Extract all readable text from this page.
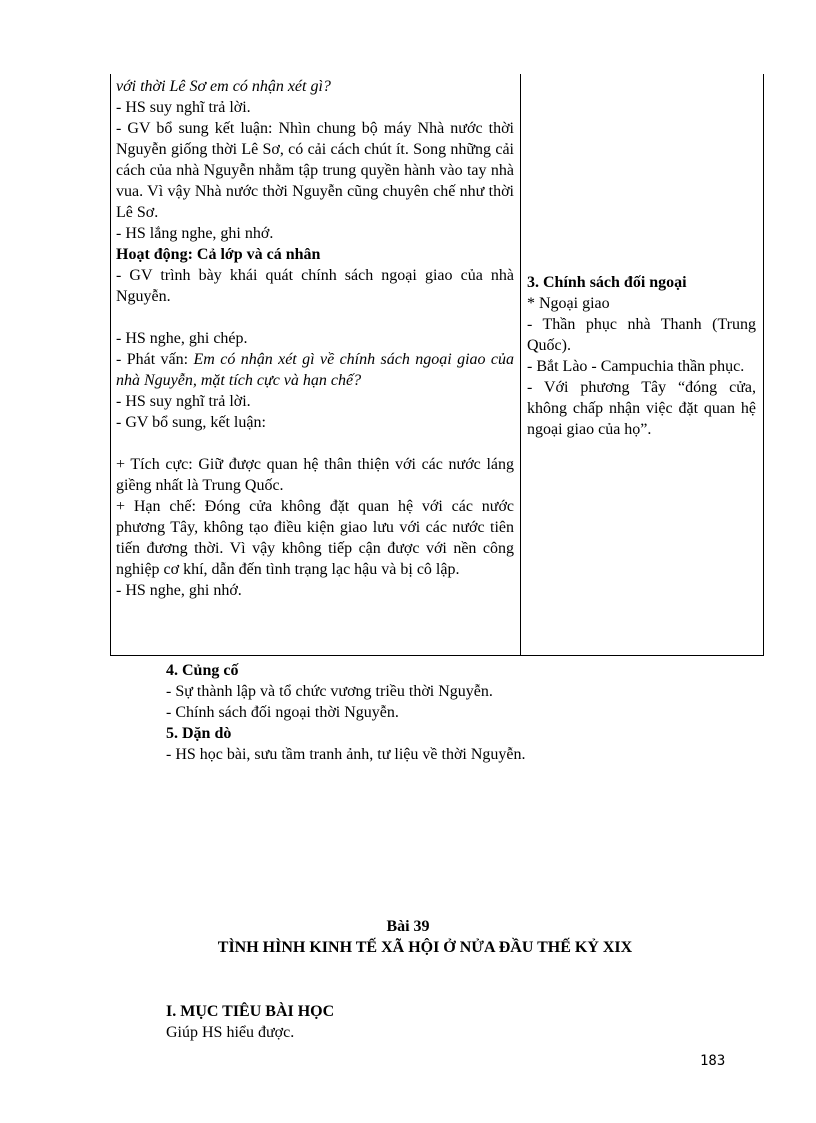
với thời Lê Sơ em có nhận xét gì?

- HS suy nghĩ trả lời.

- GV bổ sung kết luận: Nhìn chung bộ máy Nhà nước thời Nguyễn giống thời Lê Sơ, có cải cách chút ít. Song những cải cách của nhà Nguyễn nhằm tập trung quyền hành vào tay nhà vua. Vì vậy Nhà nước thời Nguyễn cũng chuyên chế như thời Lê Sơ.

- HS lắng nghe, ghi nhớ.

Hoạt động: Cả lớp và cá nhân

- GV trình bày khái quát chính sách ngoại giao của nhà Nguyễn.

- HS nghe, ghi chép.

- Phát vấn: Em có nhận xét gì về chính sách ngoại giao của nhà Nguyễn, mặt tích cực và hạn chế?

- HS suy nghĩ trả lời.

- GV bổ sung, kết luận:

+ Tích cực: Giữ được quan hệ thân thiện với các nước láng giềng nhất là Trung Quốc.

+ Hạn chế: Đóng cửa không đặt quan hệ với các nước phương Tây, không tạo điều kiện giao lưu với các nước tiên tiến đương thời. Vì vậy không tiếp cận được với nền công nghiệp cơ khí, dẫn đến tình trạng lạc hậu và bị cô lập.

- HS nghe, ghi nhớ.

3. Chính sách đối ngoại

* Ngoại giao

- Thần phục nhà Thanh (Trung Quốc).

- Bắt Lào - Campuchia thần phục.

- Với phương Tây “đóng cửa, không chấp nhận việc đặt quan hệ ngoại giao của họ”.

4. Củng cố

- Sự thành lập và tổ chức vương triều thời Nguyễn.

- Chính sách đối ngoại thời Nguyễn.

5. Dặn dò

- HS học bài, sưu tầm tranh ảnh, tư liệu về thời Nguyễn.

Bài 39
TÌNH HÌNH KINH TẾ XÃ HỘI Ở NỬA ĐẦU THẾ KỶ XIX

I. MỤC TIÊU BÀI HỌC

Giúp HS hiểu được.

183
